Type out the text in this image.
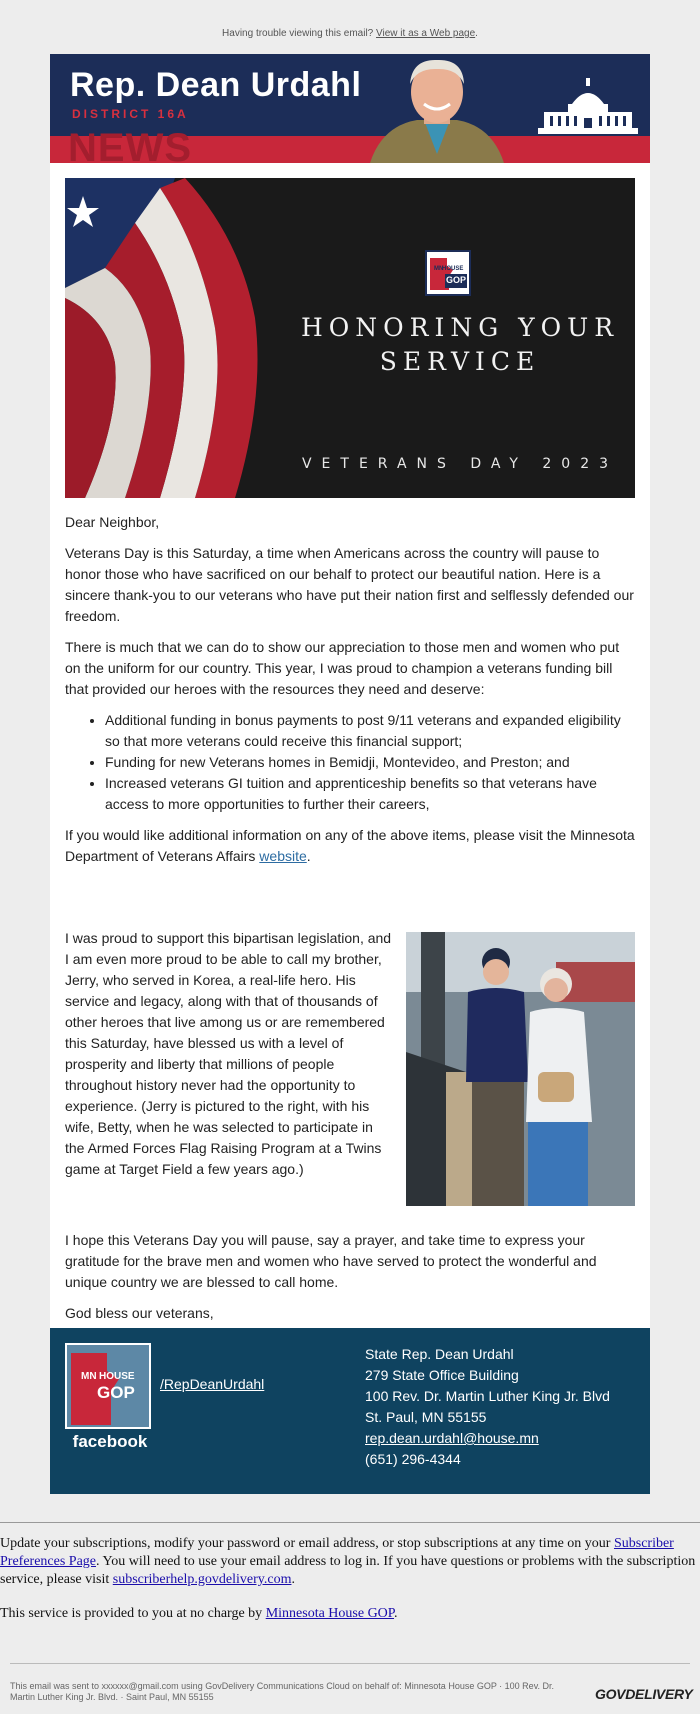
Having trouble viewing this email? View it as a Web page.
NEWS
Rep. Dean Urdahl
DISTRICT 16A
GOP
HOUSE
MN
HONORING YOUR
SERVICE
VETERANS DAY 2023

Dear Neighbor,

Veterans Day is this Saturday, a time when Americans across the country will pause to honor those who have sacrificed on our behalf to protect our beautiful nation. Here is a sincere thank-you to our veterans who have put their nation first and selflessly defended our freedom.

There is much that we can do to show our appreciation to those men and women who put on the uniform for our country. This year, I was proud to champion a veterans funding bill that provided our heroes with the resources they need and deserve:

• Additional funding in bonus payments to post 9/11 veterans and expanded eligibility so that more veterans could receive this financial support;
• Funding for new Veterans homes in Bemidji, Montevideo, and Preston; and
• Increased veterans GI tuition and apprenticeship benefits so that veterans have access to more opportunities to further their careers,

If you would like additional information on any of the above items, please visit the Minnesota Department of Veterans Affairs website.

I was proud to support this bipartisan legislation, and I am even more proud to be able to call my brother, Jerry, who served in Korea, a real-life hero. His service and legacy, along with that of thousands of other heroes that live among us or are remembered this Saturday, have blessed us with a level of prosperity and liberty that millions of people throughout history never had the opportunity to experience. (Jerry is pictured to the right, with his wife, Betty, when he was selected to participate in the Armed Forces Flag Raising Program at a Twins game at Target Field a few years ago.)

I hope this Veterans Day you will pause, say a prayer, and take time to express your gratitude for the brave men and women who have served to protect the wonderful and unique country we are blessed to call home.

God bless our veterans,

MN HOUSE
GOP
facebook
/RepDeanUrdahl
State Rep. Dean Urdahl
279 State Office Building
100 Rev. Dr. Martin Luther King Jr. Blvd
St. Paul, MN 55155
rep.dean.urdahl@house.mn
(651) 296-4344

Update your subscriptions, modify your password or email address, or stop subscriptions at any time on your Subscriber Preferences Page. You will need to use your email address to log in. If you have questions or problems with the subscription service, please visit subscriberhelp.govdelivery.com.

This service is provided to you at no charge by Minnesota House GOP.

This email was sent to xxxxxx@gmail.com using GovDelivery Communications Cloud on behalf of: Minnesota House GOP · 100 Rev. Dr. Martin Luther King Jr. Blvd. · Saint Paul, MN 55155	GOVDELIVERY
